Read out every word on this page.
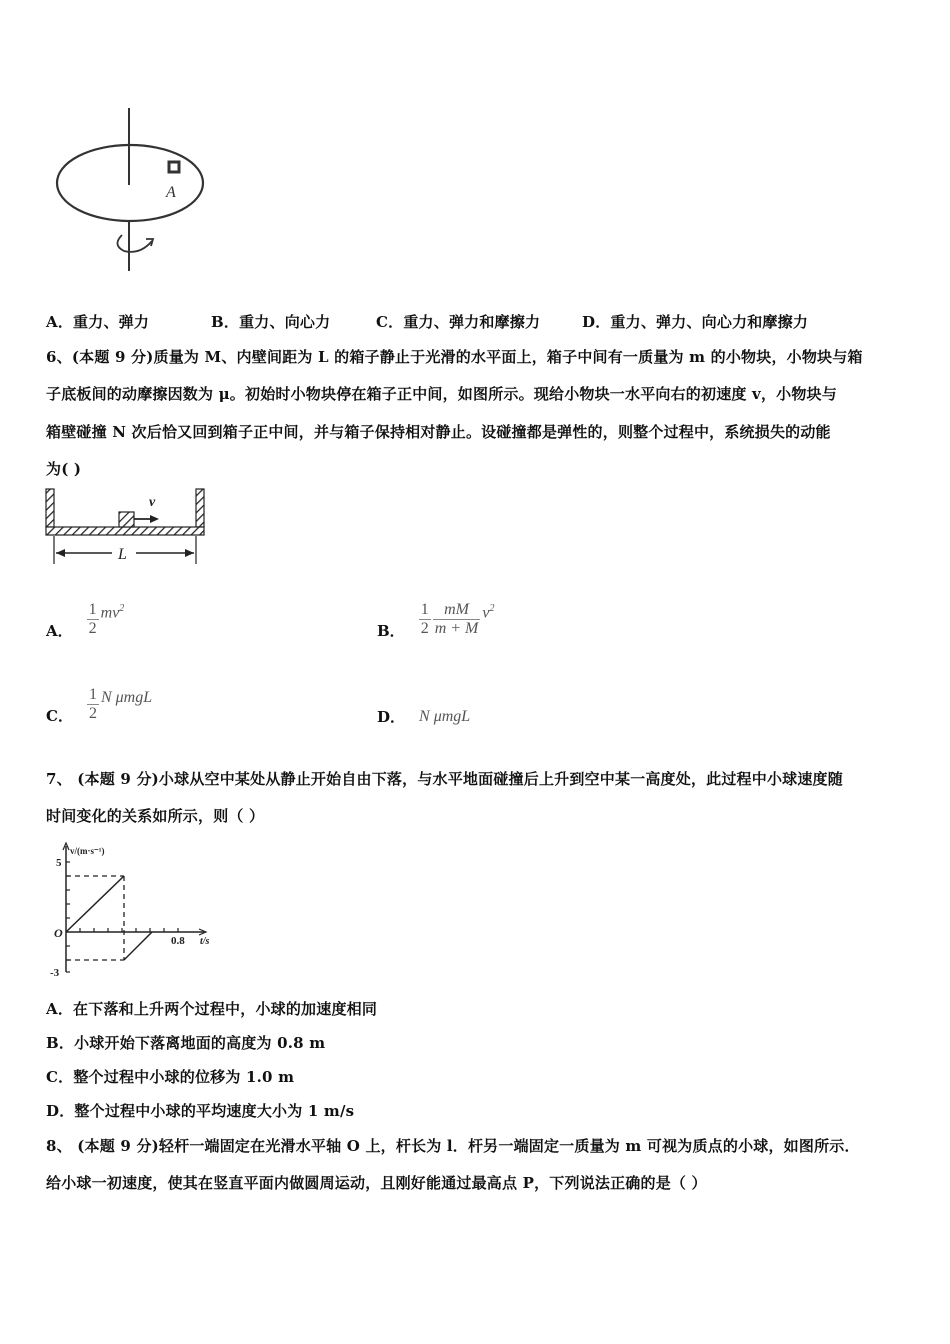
A
A．重力、弹力	B．重力、向心力	C．重力、弹力和摩擦力	D．重力、弹力、向心力和摩擦力
6、(本题 9 分)质量为 M、内壁间距为 L 的箱子静止于光滑的水平面上，箱子中间有一质量为 m 的小物块，小物块与箱
子底板间的动摩擦因数为 μ。初始时小物块停在箱子正中间，如图所示。现给小物块一水平向右的初速度 v，小物块与
箱壁碰撞 N 次后恰又回到箱子正中间，并与箱子保持相对静止。设碰撞都是弹性的，则整个过程中，系统损失的动能
为( )
v
L
A． $\frac{1}{2} mv^2$
B． $\frac{1}{2} \frac{mM}{m + M} v^2$
C． $\frac{1}{2}$ N μmgL
D． N μmgL
7、 (本题 9 分)小球从空中某处从静止开始自由下落，与水平地面碰撞后上升到空中某一高度处，此过程中小球速度随
时间变化的关系如所示，则（ ）
5
O
-3
0.8 t/s
v/(m·s⁻¹)
A．在下落和上升两个过程中，小球的加速度相同
B．小球开始下落离地面的高度为 0.8 m
C．整个过程中小球的位移为 1.0 m
D．整个过程中小球的平均速度大小为 1 m/s
8、 (本题 9 分)轻杆一端固定在光滑水平轴 O 上，杆长为 l．杆另一端固定一质量为 m 可视为质点的小球，如图所示．
给小球一初速度，使其在竖直平面内做圆周运动，且刚好能通过最高点 P，下列说法正确的是（ ）
